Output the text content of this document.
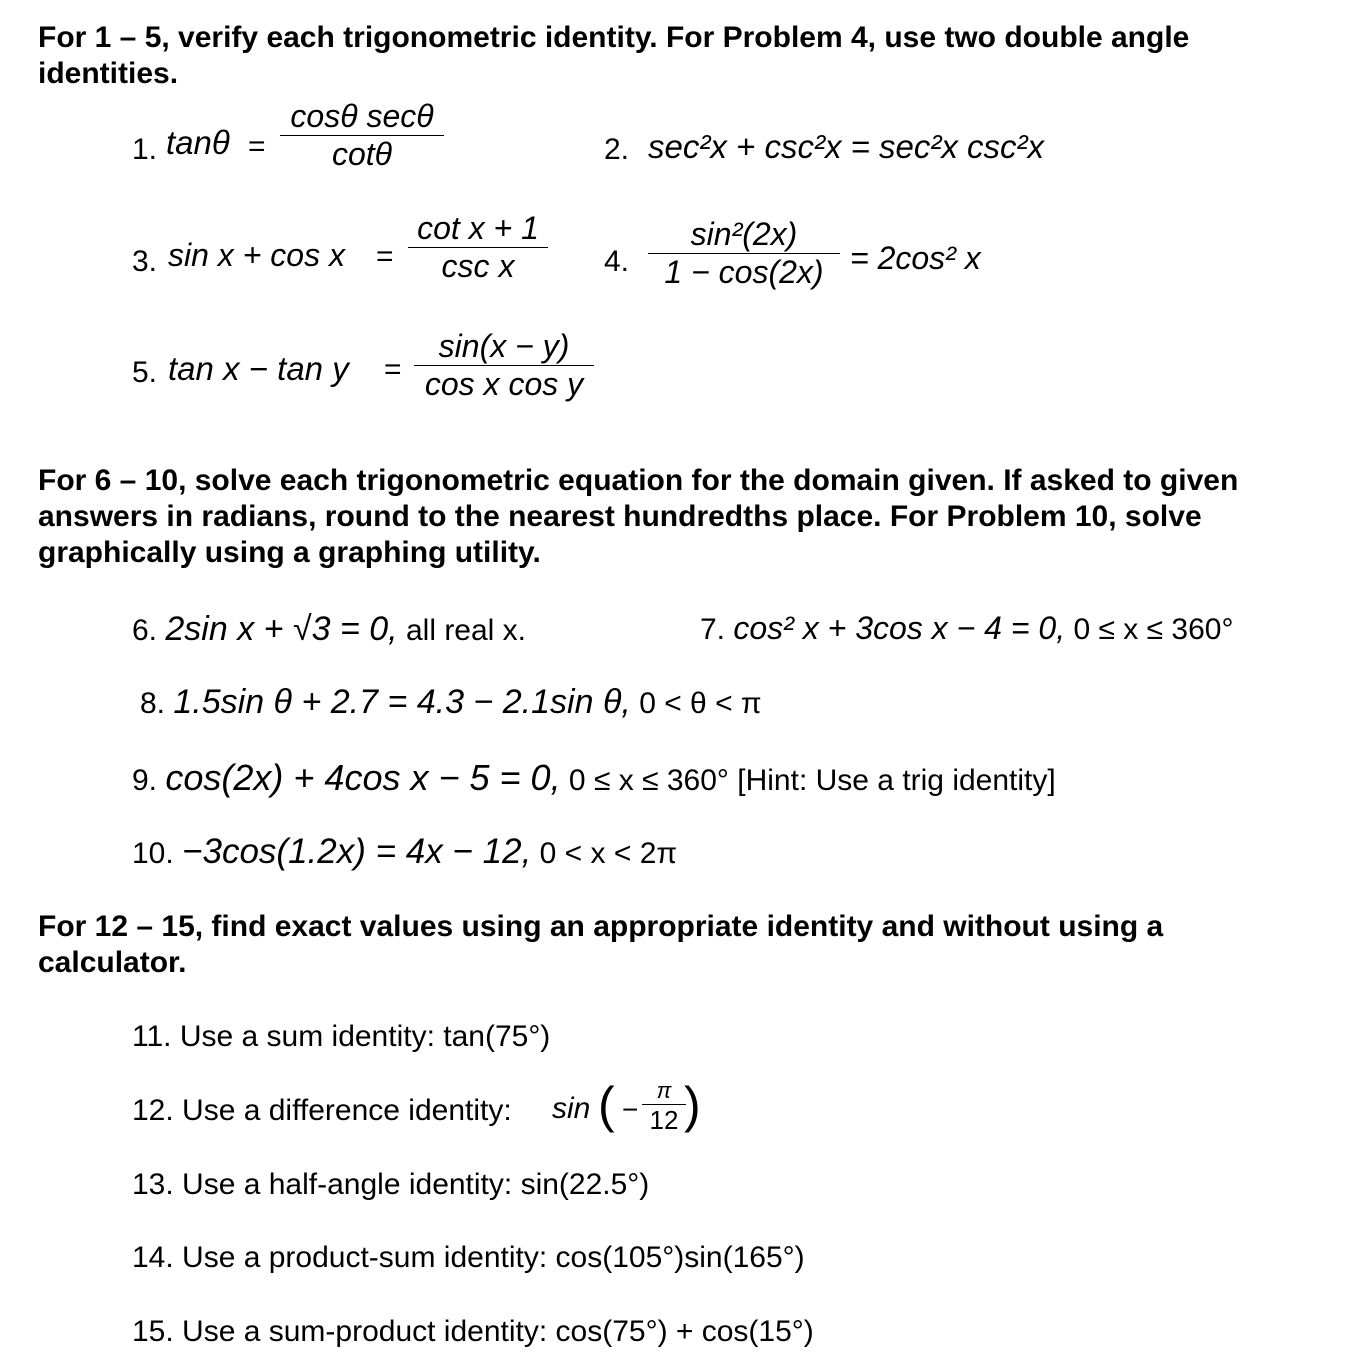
For 1 – 5, verify each trigonometric identity. For Problem 4, use two double angle
identities.
1. tanθ =
cosθ secθ
cotθ	2. sec²x + csc²x = sec²x csc²x
3. sin x + cos x =
cot x + 1
csc x	4. $\frac{\text{sin²(2x)}}{1 - \cos(2x)} = 2\cos^2$ x
5. $\tan x - \tan y = \frac{\sin(x - y)}{\text{cos x cos y}}$
For 6 – 10, solve each trigonometric equation for the domain given. If asked to given
answers in radians, round to the nearest hundredths place. For Problem 10, solve
graphically using a graphing utility.
6. 2sin x + √3 = 0, all real x.	7. cos² x + 3cos x − 4 = 0, 0 ≤ x ≤ 360°
8. 1.5sin θ + 2.7 = 4.3 − 2.1sin θ, 0 < θ < π
9. cos(2x) + 4cos x − 5 = 0, 0 ≤ x ≤ 360° [Hint: Use a trig identity]
10. −3cos(1.2x) = 4x − 12, 0 < x < 2π
For 12 – 15, find exact values using an appropriate identity and without using a
calculator.
11. Use a sum identity: tan(75°)
12. Use a difference identity: sin ( −
π
12 )
13. Use a half-angle identity: sin(22.5°)
14. Use a product-sum identity: cos(105°)sin(165°)
15. Use a sum-product identity: cos(75°) + cos(15°)
